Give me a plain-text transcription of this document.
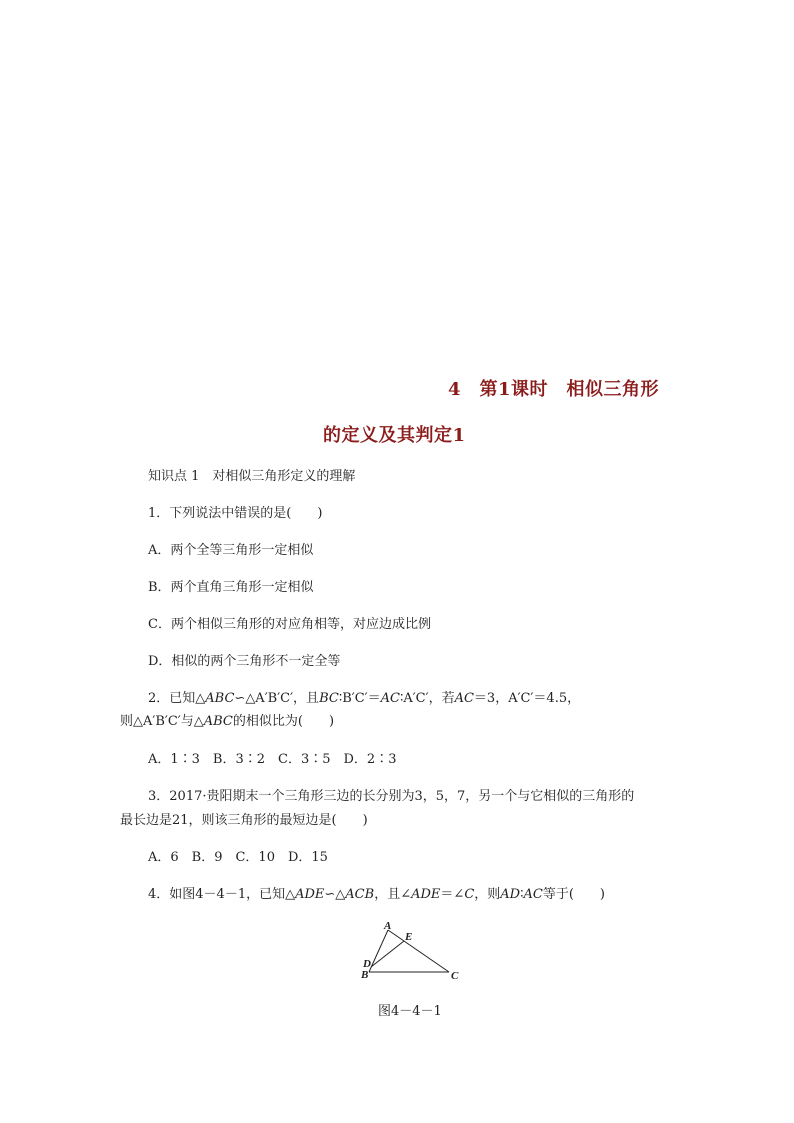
4　第1课时　相似三角形
的定义及其判定1
知识点 1　对相似三角形定义的理解
1．下列说法中错误的是(　　)
A．两个全等三角形一定相似
B．两个直角三角形一定相似
C．两个相似三角形的对应角相等，对应边成比例
D．相似的两个三角形不一定全等
2．已知△ABC∽△A′B′C′，且BC∶B′C′＝AC∶A′C′，若AC＝3，A′C′＝4.5，
则△A′B′C′与△ABC的相似比为(　　)
A．1∶3　B．3∶2　C．3∶5　D．2∶3
3．2017·贵阳期末一个三角形三边的长分别为3，5，7，另一个与它相似的三角形的
最长边是21，则该三角形的最短边是(　　)
A．6　B．9　C．10　D．15
4．如图4－4－1，已知△ADE∽△ACB，且∠ADE＝∠C，则AD∶AC等于(　　)
A
E
D
B	C
图4－4－1
